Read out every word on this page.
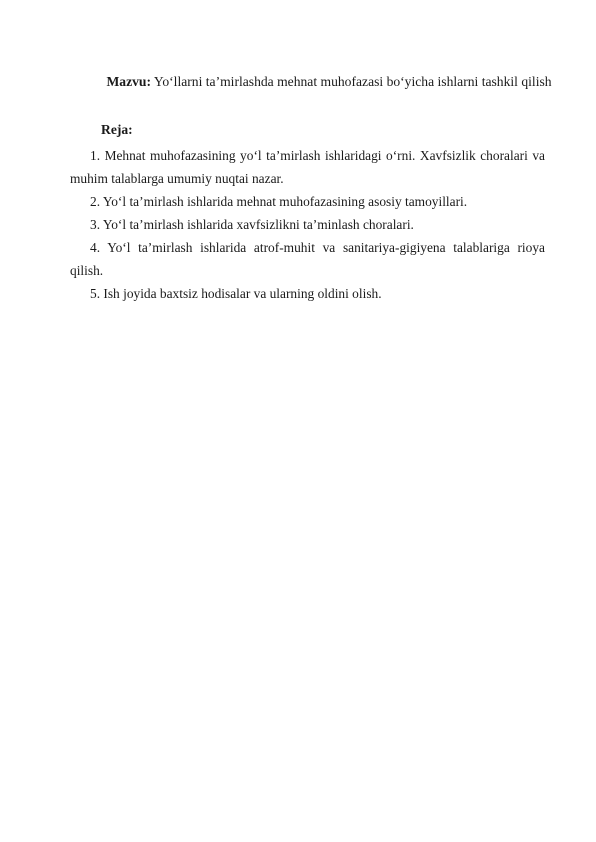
Mazvu: Yo‘llarni ta’mirlashda mehnat muhofazasi bo‘yicha ishlarni tashkil qilish
Reja:
1. Mehnat muhofazasining yo‘l ta’mirlash ishlaridagi o‘rni. Xavfsizlik choralari va muhim talablarga umumiy nuqtai nazar.
2. Yo‘l ta’mirlash ishlarida mehnat muhofazasining asosiy tamoyillari.
3. Yo‘l ta’mirlash ishlarida xavfsizlikni ta’minlash choralari.
4. Yo‘l ta’mirlash ishlarida atrof-muhit va sanitariya-gigiyena talablariga rioya qilish.
5. Ish joyida baxtsiz hodisalar va ularning oldini olish.
